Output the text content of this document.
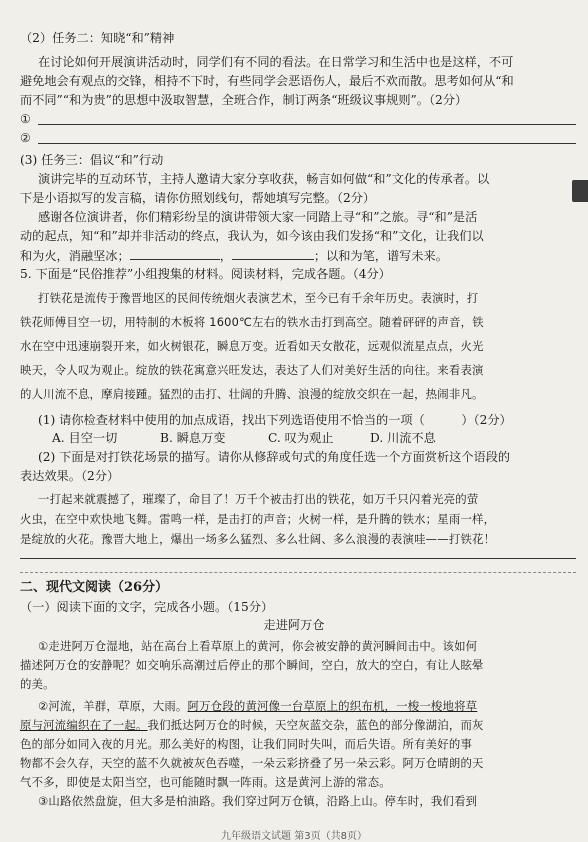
（2）任务二：知晓“和”精神
在讨论如何开展演讲活动时，同学们有不同的看法。在日常学习和生活中也是这样，不可
避免地会有观点的交锋，相持不下时，有些同学会恶语伤人，最后不欢而散。思考如何从“和
而不同”“和为贵”的思想中汲取智慧，全班合作，制订两条“班级议事规则”。（2分）
①
②
(3) 任务三：倡议“和”行动
演讲完毕的互动环节，主持人邀请大家分享收获，畅言如何做“和”文化的传承者。以
下是小语拟写的发言稿，请你仿照划线句，帮她填写完整。（2分）
感谢各位演讲者，你们精彩纷呈的演讲带领大家一同踏上寻“和”之旅。寻“和”是活
动的起点，知“和”却并非活动的终点，我认为，如今该由我们发扬“和”文化，让我们以
和为火，消融坚冰；	，	；以和为笔，谱写未来。
5. 下面是“民俗推荐”小组搜集的材料。阅读材料，完成各题。（4分）
打铁花是流传于豫晋地区的民间传统烟火表演艺术，至今已有千余年历史。表演时，打
铁花师傅目空一切，用特制的木板将 1600℃左右的铁水击打到高空。随着砰砰的声音，铁
水在空中迅速崩裂开来，如火树银花，瞬息万变。近看如天女散花，远观似流星点点，火光
映天，令人叹为观止。绽放的铁花寓意兴旺发达，表达了人们对美好生活的向往。来看表演
的人川流不息，摩肩接踵。猛烈的击打、壮阔的升腾、浪漫的绽放交织在一起，热闹非凡。
(1) 请你检查材料中使用的加点成语，找出下列选语使用不恰当的一项（　　　）（2分）
A. 目空一切	B. 瞬息万变	C. 叹为观止	D. 川流不息
(2) 下面是对打铁花场景的描写。请你从修辞或句式的角度任选一个方面赏析这个语段的
表达效果。（2分）
一打起来就震撼了，璀璨了，命目了！万千个被击打出的铁花，如万千只闪着光亮的萤
火虫，在空中欢快地飞舞。雷鸣一样，是击打的声音；火树一样，是升腾的铁水；星雨一样，
是绽放的火花。豫晋大地上，爆出一场多么猛烈、多么壮阔、多么浪漫的表演哇——打铁花！
二、现代文阅读（26分）
（一）阅读下面的文字，完成各小题。（15分）
走进阿万仓
①走进阿万仓湿地，站在高台上看草原上的黄河，你会被安静的黄河瞬间击中。该如何
描述阿万仓的安静呢？如交响乐高潮过后停止的那个瞬间，空白，放大的空白，有让人眩晕
的美。
②河流，羊群，草原，大雨。阿万仓段的黄河像一台草原上的织布机，一梭一梭地将草
原与河流编织在了一起。我们抵达阿万仓的时候，天空灰蓝交杂，蓝色的部分像湖泊，而灰
色的部分如同入夜的月光。那么美好的构图，让我们同时失叫，而后失语。所有美好的事
物都不会久存，天空的蓝不久就被灰色吞噬，一朵云彩挤叠了另一朵云彩。阿万仓晴朗的天
气不多，即使是太阳当空，也可能随时飘一阵雨。这是黄河上游的常态。
③山路依然盘旋，但大多是柏油路。我们穿过阿万仓镇，沿路上山。停车时，我们看到
九年级语文试题 第3页（共8页）
